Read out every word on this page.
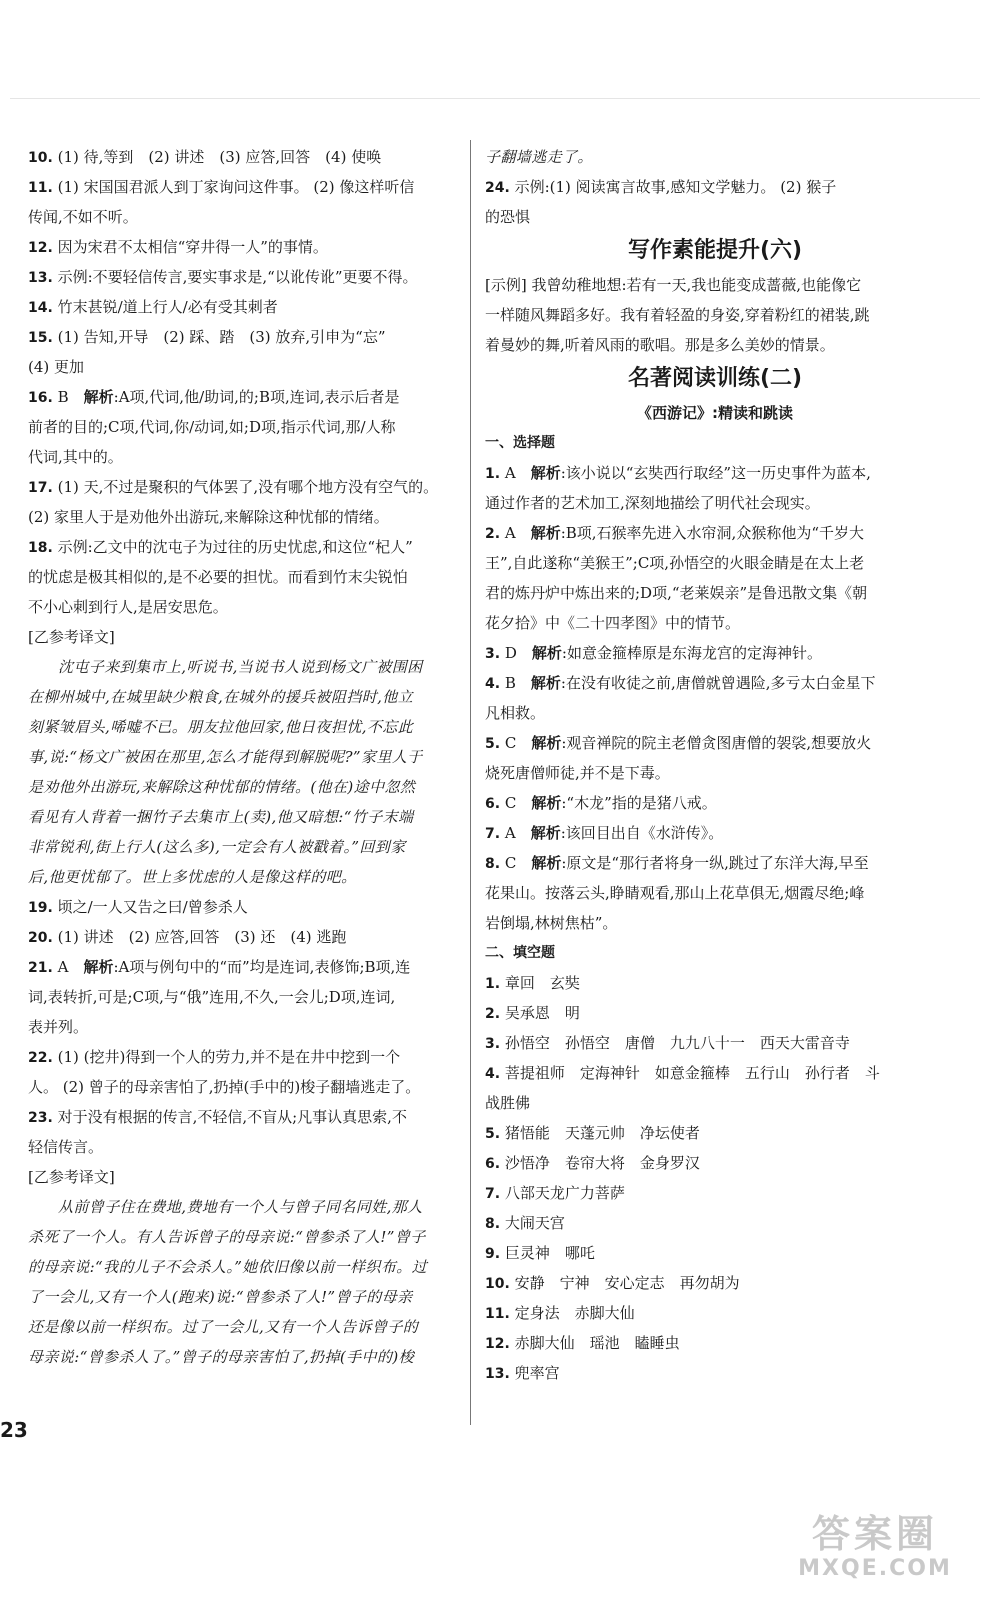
10. (1) 待,等到　(2) 讲述　(3) 应答,回答　(4) 使唤
11. (1) 宋国国君派人到丁家询问这件事。 (2) 像这样听信
传闻,不如不听。
12. 因为宋君不太相信“穿井得一人”的事情。
13. 示例:不要轻信传言,要实事求是,“以讹传讹”更要不得。
14. 竹末甚锐/道上行人/必有受其刺者
15. (1) 告知,开导　(2) 踩、踏　(3) 放弃,引申为“忘”
(4) 更加
16. B  解析:A项,代词,他/助词,的;B项,连词,表示后者是
前者的目的;C项,代词,你/动词,如;D项,指示代词,那/人称
代词,其中的。
17. (1) 天,不过是聚积的气体罢了,没有哪个地方没有空气的。
(2) 家里人于是劝他外出游玩,来解除这种忧郁的情绪。
18. 示例:乙文中的沈屯子为过往的历史忧虑,和这位“杞人”
的忧虑是极其相似的,是不必要的担忧。而看到竹末尖锐怕
不小心刺到行人,是居安思危。
[乙参考译文]
沈屯子来到集市上,听说书,当说书人说到杨文广被围困
在柳州城中,在城里缺少粮食,在城外的援兵被阻挡时,他立
刻紧皱眉头,唏嘘不已。朋友拉他回家,他日夜担忧,不忘此
事,说:“杨文广被困在那里,怎么才能得到解脱呢?”家里人于
是劝他外出游玩,来解除这种忧郁的情绪。(他在)途中忽然
看见有人背着一捆竹子去集市上(卖),他又暗想:“竹子末端
非常锐利,街上行人(这么多),一定会有人被戳着。”回到家
后,他更忧郁了。世上多忧虑的人是像这样的吧。
19. 顷之/一人又告之曰/曾参杀人
20. (1) 讲述　(2) 应答,回答　(3) 还　(4) 逃跑
21. A  解析:A项与例句中的“而”均是连词,表修饰;B项,连
词,表转折,可是;C项,与“俄”连用,不久,一会儿;D项,连词,
表并列。
22. (1) (挖井)得到一个人的劳力,并不是在井中挖到一个
人。 (2) 曾子的母亲害怕了,扔掉(手中的)梭子翻墙逃走了。
23. 对于没有根据的传言,不轻信,不盲从;凡事认真思索,不
轻信传言。
[乙参考译文]
从前曾子住在费地,费地有一个人与曾子同名同姓,那人
杀死了一个人。有人告诉曾子的母亲说:“曾参杀了人!”曾子
的母亲说:“我的儿子不会杀人。”她依旧像以前一样织布。过
了一会儿,又有一个人(跑来)说:“曾参杀了人!”曾子的母亲
还是像以前一样织布。过了一会儿,又有一个人告诉曾子的
母亲说:“曾参杀人了。”曾子的母亲害怕了,扔掉(手中的)梭
子翻墙逃走了。
24. 示例:(1) 阅读寓言故事,感知文学魅力。 (2) 猴子
的恐惧
写作素能提升(六)
[示例] 我曾幼稚地想:若有一天,我也能变成蔷薇,也能像它
一样随风舞蹈多好。我有着轻盈的身姿,穿着粉红的裙装,跳
着曼妙的舞,听着风雨的歌唱。那是多么美妙的情景。
名著阅读训练(二)
《西游记》:精读和跳读
一、选择题
1. A  解析:该小说以“玄奘西行取经”这一历史事件为蓝本,
通过作者的艺术加工,深刻地描绘了明代社会现实。
2. A  解析:B项,石猴率先进入水帘洞,众猴称他为“千岁大
王”,自此遂称“美猴王”;C项,孙悟空的火眼金睛是在太上老
君的炼丹炉中炼出来的;D项,“老莱娱亲”是鲁迅散文集《朝
花夕拾》中《二十四孝图》中的情节。
3. D  解析:如意金箍棒原是东海龙宫的定海神针。
4. B  解析:在没有收徒之前,唐僧就曾遇险,多亏太白金星下
凡相救。
5. C  解析:观音禅院的院主老僧贪图唐僧的袈裟,想要放火
烧死唐僧师徒,并不是下毒。
6. C  解析:“木龙”指的是猪八戒。
7. A  解析:该回目出自《水浒传》。
8. C  解析:原文是“那行者将身一纵,跳过了东洋大海,早至
花果山。按落云头,睁睛观看,那山上花草俱无,烟霞尽绝;峰
岩倒塌,林树焦枯”。
二、填空题
1. 章回　玄奘
2. 吴承恩　明
3. 孙悟空　孙悟空　唐僧　九九八十一　西天大雷音寺
4. 菩提祖师　定海神针　如意金箍棒　五行山　孙行者　斗
战胜佛
5. 猪悟能　天蓬元帅　净坛使者
6. 沙悟净　卷帘大将　金身罗汉
7. 八部天龙广力菩萨
8. 大闹天宫
9. 巨灵神　哪吒
10. 安静　宁神　安心定志　再勿胡为
11. 定身法　赤脚大仙
12. 赤脚大仙　瑶池　瞌睡虫
13. 兜率宫
23
答案圈
MXQE.COM
